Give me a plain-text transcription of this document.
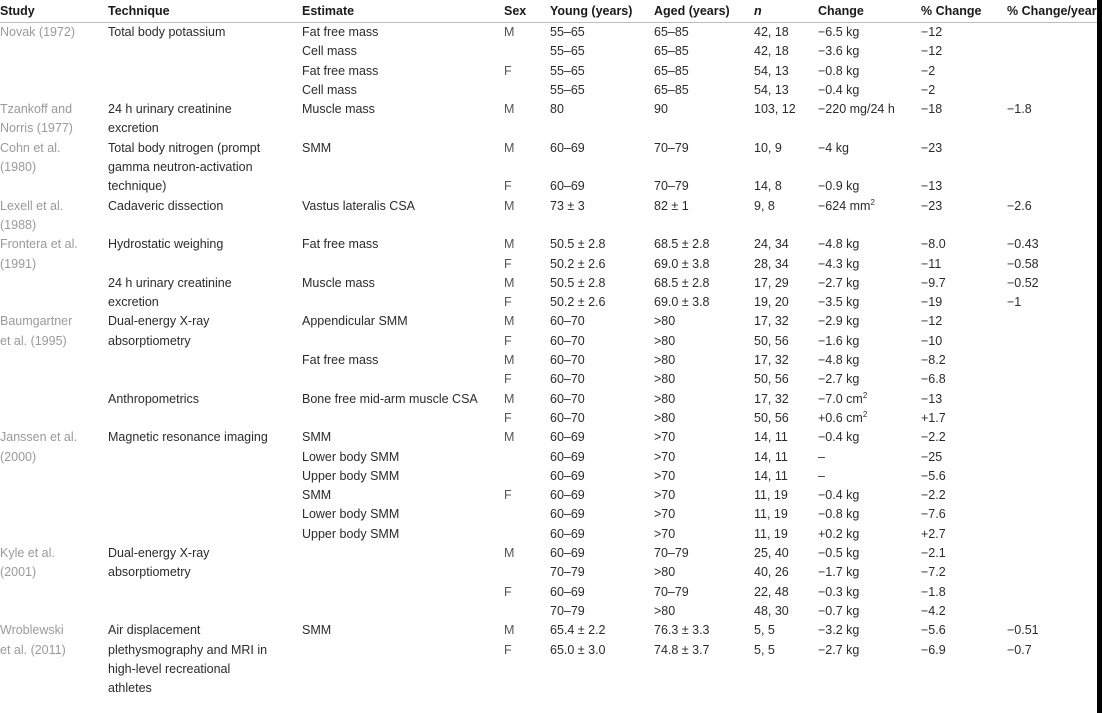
Study	Technique	Estimate	Sex	Young (years)	Aged (years)	n	Change	% Change	% Change/year
Novak (1972)	Total body potassium	Fat free mass	M	55–65	65–85	42, 18	−6.5 kg	−12	
		Cell mass		55–65	65–85	42, 18	−3.6 kg	−12	
		Fat free mass	F	55–65	65–85	54, 13	−0.8 kg	−2	
		Cell mass		55–65	65–85	54, 13	−0.4 kg	−2	
Tzankoff and	24 h urinary creatinine	Muscle mass	M	80	90	103, 12	−220 mg/24 h	−18	−1.8
Norris (1977)	excretion								
Cohn et al.	Total body nitrogen (prompt	SMM	M	60–69	70–79	10, 9	−4 kg	−23	
(1980)	gamma neutron-activation								
	technique)		F	60–69	70–79	14, 8	−0.9 kg	−13	
Lexell et al.	Cadaveric dissection	Vastus lateralis CSA	M	73 ± 3	82 ± 1	9, 8	−624 $mm^2$	−23	−2.6
(1988)									
Frontera et al.	Hydrostatic weighing	Fat free mass	M	50.5 ± 2.8	68.5 ± 2.8	24, 34	−4.8 kg	−8.0	−0.43
(1991)			F	50.2 ± 2.6	69.0 ± 3.8	28, 34	−4.3 kg	−11	−0.58
	24 h urinary creatinine	Muscle mass	M	50.5 ± 2.8	68.5 ± 2.8	17, 29	−2.7 kg	−9.7	−0.52
	excretion		F	50.2 ± 2.6	69.0 ± 3.8	19, 20	−3.5 kg	−19	−1
Baumgartner	Dual-energy X-ray	Appendicular SMM	M	60–70	>80	17, 32	−2.9 kg	−12	
et al. (1995)	absorptiometry		F	60–70	>80	50, 56	−1.6 kg	−10	
		Fat free mass	M	60–70	>80	17, 32	−4.8 kg	−8.2	
			F	60–70	>80	50, 56	−2.7 kg	−6.8	
	Anthropometrics	Bone free mid-arm muscle CSA	M	60–70	>80	17, 32	−7.0 $cm^2$	−13	
			F	60–70	>80	50, 56	+0.6 $cm^2$	+1.7	
Janssen et al.	Magnetic resonance imaging	SMM	M	60–69	>70	14, 11	−0.4 kg	−2.2	
(2000)		Lower body SMM		60–69	>70	14, 11	–	−25	
		Upper body SMM		60–69	>70	14, 11	–	−5.6	
		SMM	F	60–69	>70	11, 19	−0.4 kg	−2.2	
		Lower body SMM		60–69	>70	11, 19	−0.8 kg	−7.6	
		Upper body SMM		60–69	>70	11, 19	+0.2 kg	+2.7	
Kyle et al.	Dual-energy X-ray		M	60–69	70–79	25, 40	−0.5 kg	−2.1	
(2001)	absorptiometry			70–79	>80	40, 26	−1.7 kg	−7.2	
			F	60–69	70–79	22, 48	−0.3 kg	−1.8	
				70–79	>80	48, 30	−0.7 kg	−4.2	
Wroblewski	Air displacement	SMM	M	65.4 ± 2.2	76.3 ± 3.3	5, 5	−3.2 kg	−5.6	−0.51
et al. (2011)	plethysmography and MRI in		F	65.0 ± 3.0	74.8 ± 3.7	5, 5	−2.7 kg	−6.9	−0.7
	high-level recreational								
	athletes								
